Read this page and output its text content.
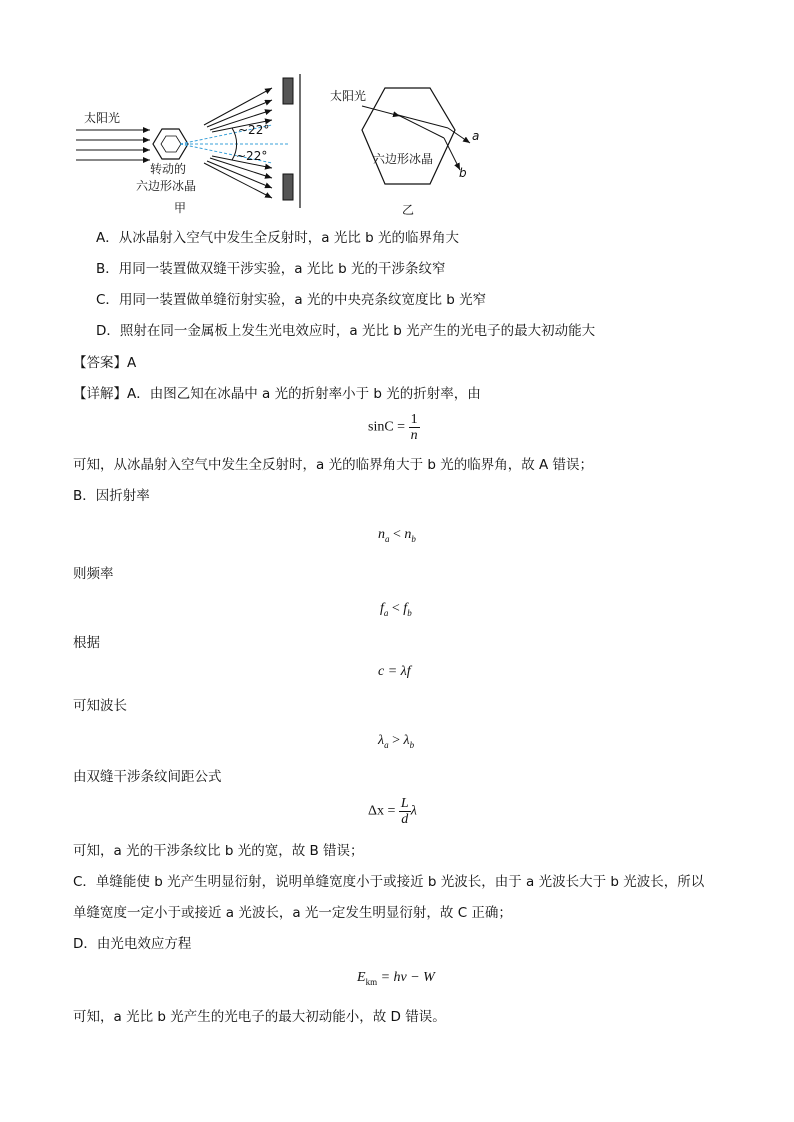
太阳光
~22°
~22°
转动的
六边形冰晶
甲
太阳光
a
b
六边形冰晶
乙
A．从冰晶射入空气中发生全反射时，a 光比 b 光的临界角大
B．用同一装置做双缝干涉实验，a 光比 b 光的干涉条纹窄
C．用同一装置做单缝衍射实验，a 光的中央亮条纹宽度比 b 光窄
D．照射在同一金属板上发生光电效应时，a 光比 b 光产生的光电子的最大初动能大
【答案】A
【详解】A．由图乙知在冰晶中 a 光的折射率小于 b 光的折射率，由
$\sin C = \frac{1}{n}$
可知，从冰晶射入空气中发生全反射时，a 光的临界角大于 b 光的临界角，故 A 错误；
B．因折射率
$n_a < n_b$
则频率
$f_a < f_b$
根据
c = λf
可知波长
$\lambda_a > \lambda_b$
由双缝干涉条纹间距公式
$\Delta x = \frac{L}{d}$ λ
可知，a 光的干涉条纹比 b 光的宽，故 B 错误；
C．单缝能使 b 光产生明显衍射，说明单缝宽度小于或接近 b 光波长，由于 a 光波长大于 b 光波长，所以
单缝宽度一定小于或接近 a 光波长，a 光一定发生明显衍射，故 C 正确；
D．由光电效应方程
$E_{km} = h\nu - W$
可知，a 光比 b 光产生的光电子的最大初动能小，故 D 错误。
